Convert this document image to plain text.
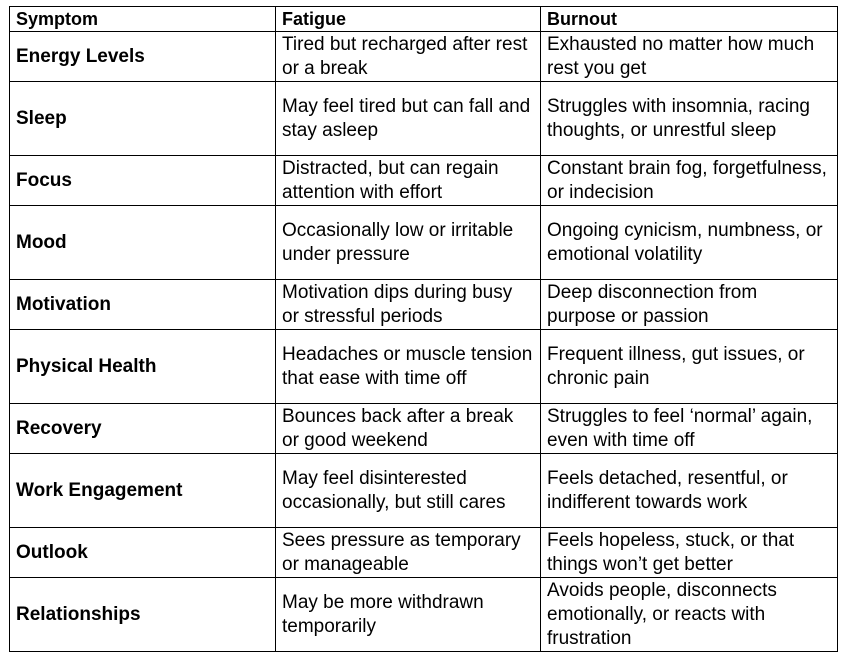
Symptom	Fatigue	Burnout
Energy Levels	Tired but recharged after rest or a break	Exhausted no matter how much rest you get
Sleep	May feel tired but can fall and stay asleep	Struggles with insomnia, racing thoughts, or unrestful sleep
Focus	Distracted, but can regain attention with effort	Constant brain fog, forgetfulness, or indecision
Mood	Occasionally low or irritable under pressure	Ongoing cynicism, numbness, or emotional volatility
Motivation	Motivation dips during busy or stressful periods	Deep disconnection from purpose or passion
Physical Health	Headaches or muscle tension that ease with time off	Frequent illness, gut issues, or chronic pain
Recovery	Bounces back after a break or good weekend	Struggles to feel ‘normal’ again, even with time off
Work Engagement	May feel disinterested occasionally, but still cares	Feels detached, resentful, or indifferent towards work
Outlook	Sees pressure as temporary or manageable	Feels hopeless, stuck, or that things won’t get better
Relationships	May be more withdrawn temporarily	Avoids people, disconnects emotionally, or reacts with frustration
